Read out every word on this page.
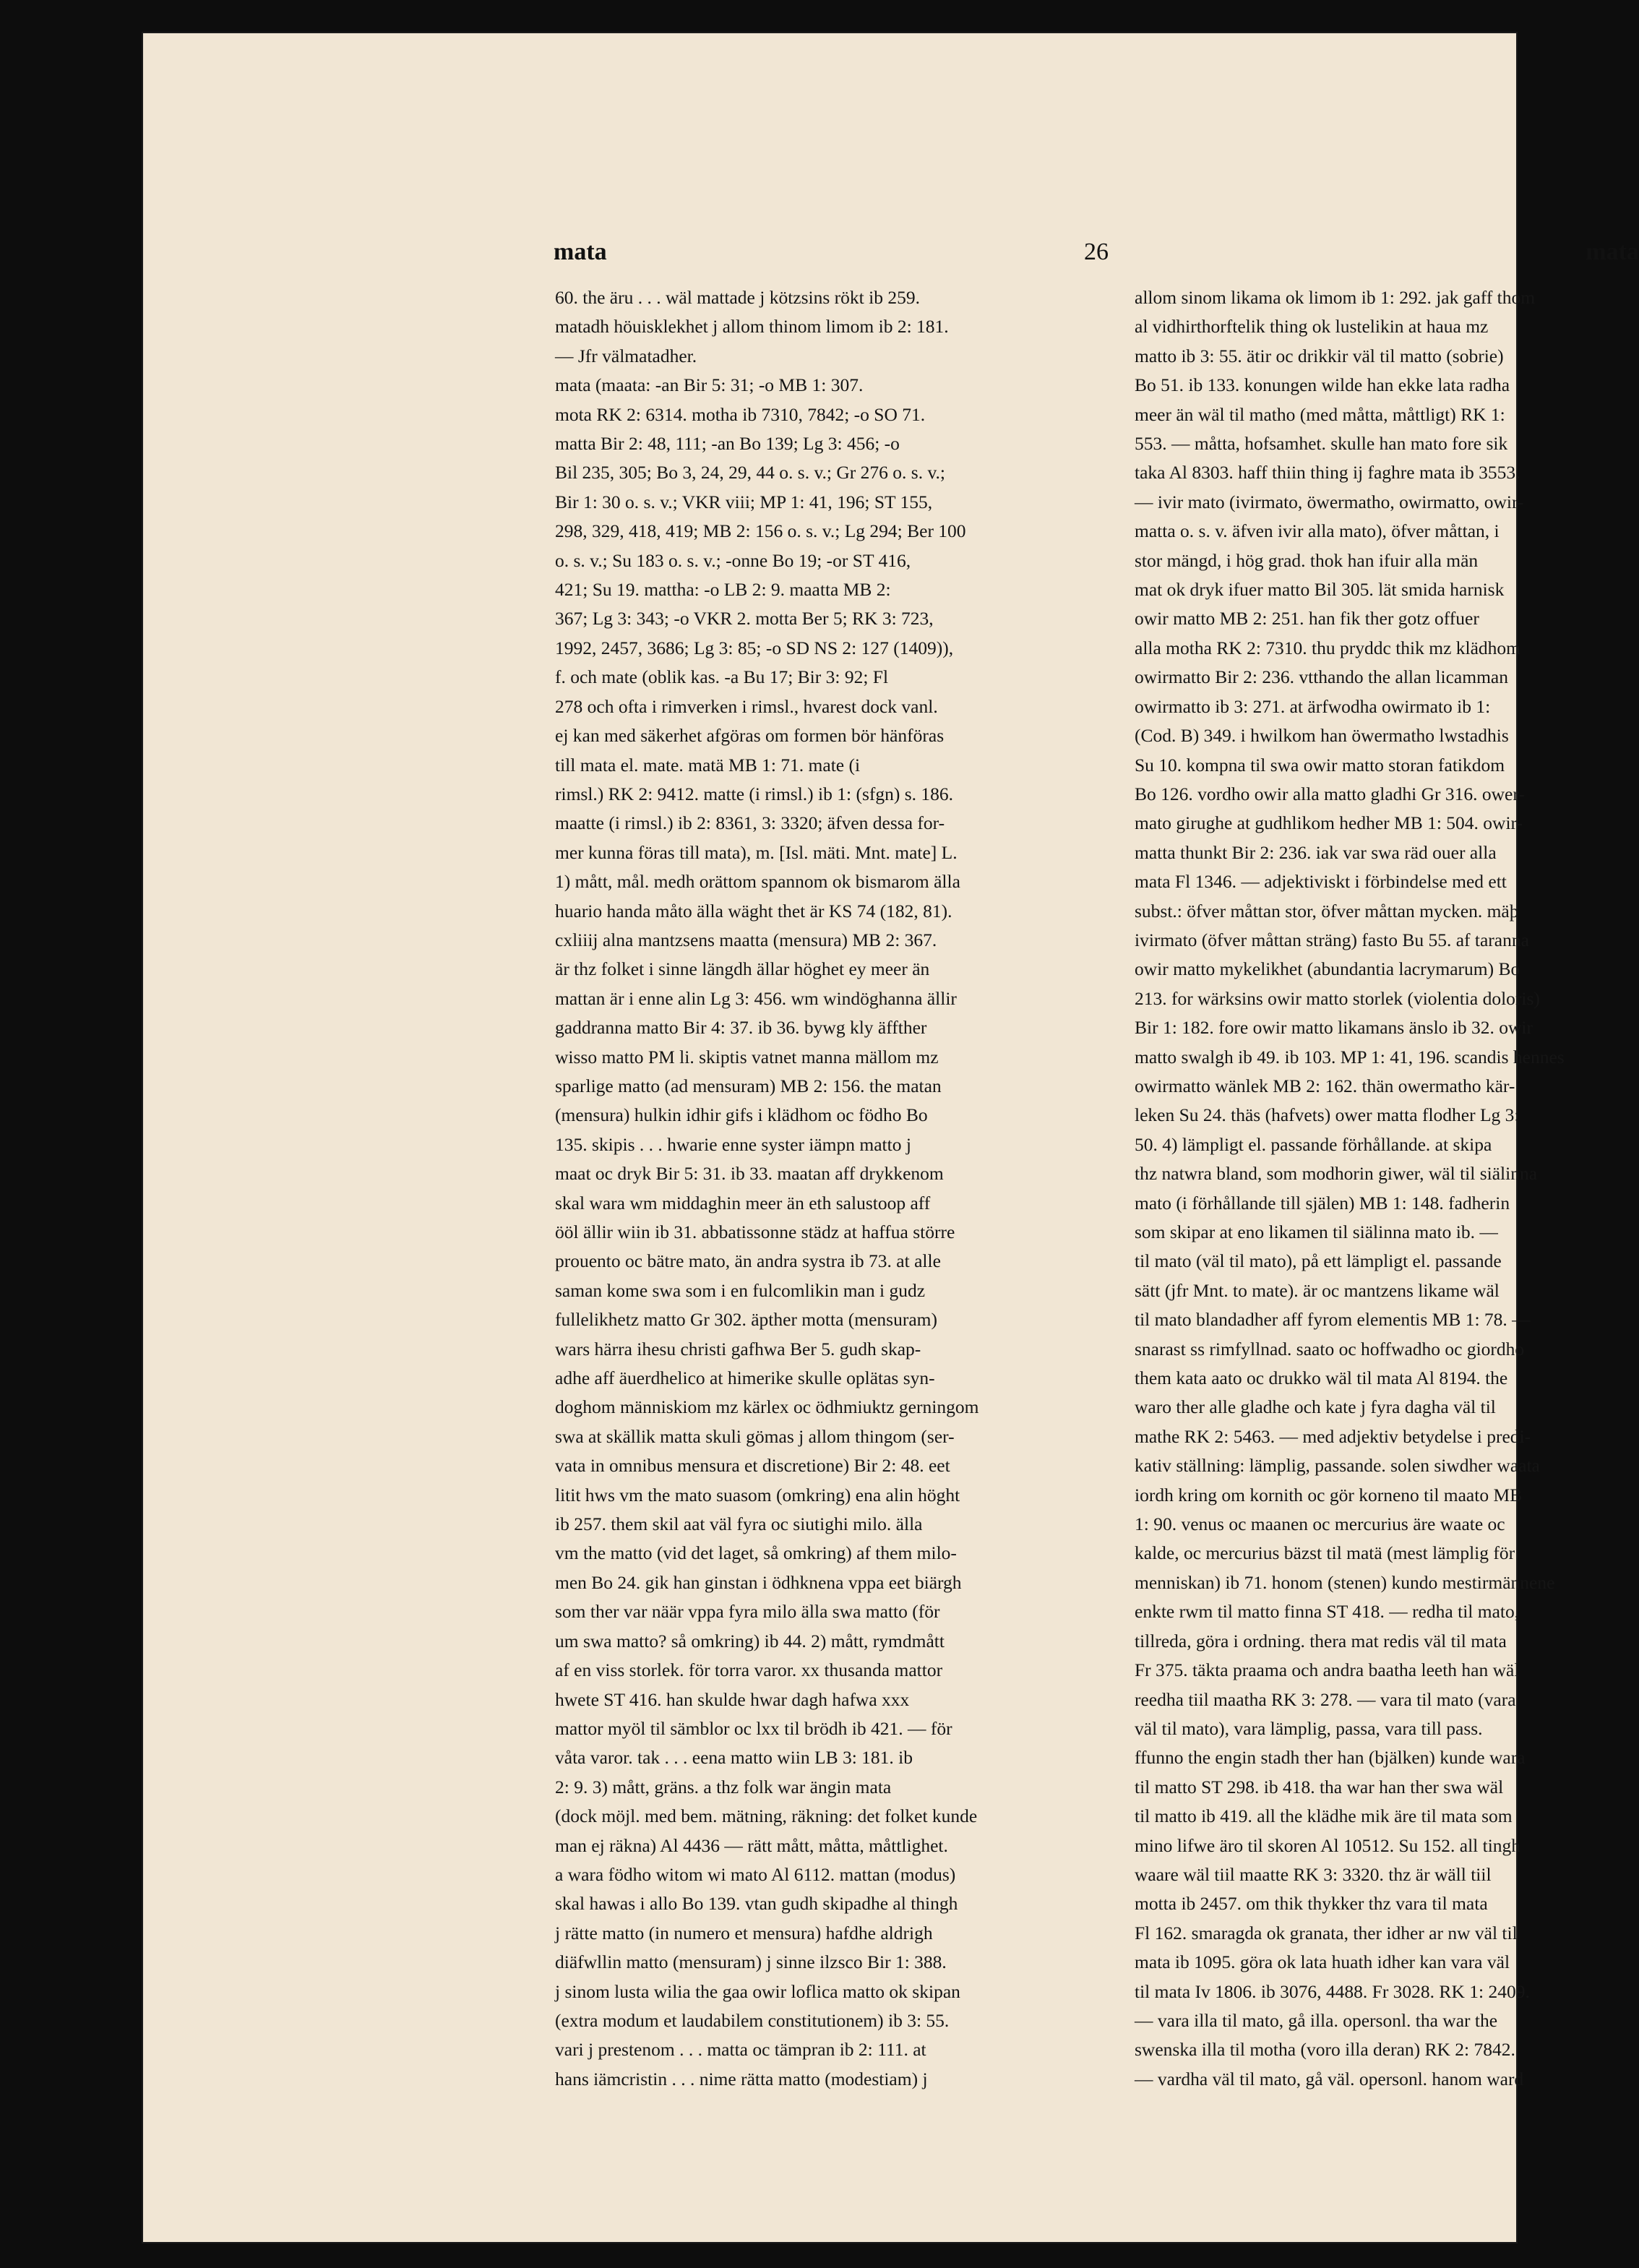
mata	26	mata

60. the äru . . . wäl mattade j kötzsins rökt ib 259.

matadh höuisklekhet j allom thinom limom ib 2: 181.

— Jfr välmatadher.

mata (maata: -an Bir 5: 31; -o MB 1: 307.

mota RK 2: 6314. motha ib 7310, 7842; -o SO 71.

matta Bir 2: 48, 111; -an Bo 139; Lg 3: 456; -o

Bil 235, 305; Bo 3, 24, 29, 44 o. s. v.; Gr 276 o. s. v.;

Bir 1: 30 o. s. v.; VKR viii; MP 1: 41, 196; ST 155,

298, 329, 418, 419; MB 2: 156 o. s. v.; Lg 294; Ber 100

o. s. v.; Su 183 o. s. v.; -onne Bo 19; -or ST 416,

421; Su 19. mattha: -o LB 2: 9. maatta MB 2:

367; Lg 3: 343; -o VKR 2. motta Ber 5; RK 3: 723,

1992, 2457, 3686; Lg 3: 85; -o SD NS 2: 127 (1409)),

f. och mate (oblik kas. -a Bu 17; Bir 3: 92; Fl

278 och ofta i rimverken i rimsl., hvarest dock vanl.

ej kan med säkerhet afgöras om formen bör hänföras

till mata el. mate. matä MB 1: 71. mate (i

rimsl.) RK 2: 9412. matte (i rimsl.) ib 1: (sfgn) s. 186.

maatte (i rimsl.) ib 2: 8361, 3: 3320; äfven dessa for-

mer kunna föras till mata), m. [Isl. mäti. Mnt. mate] L.

1) mått, mål. medh orättom spannom ok bismarom älla

huario handa måto älla wäght thet är KS 74 (182, 81).

cxliiij alna mantzsens maatta (mensura) MB 2: 367.

är thz folket i sinne längdh ällar höghet ey meer än

mattan är i enne alin Lg 3: 456. wm windöghanna ällir

gaddranna matto Bir 4: 37. ib 36. bywg kly äffther

wisso matto PM li. skiptis vatnet manna mällom mz

sparlige matto (ad mensuram) MB 2: 156. the matan

(mensura) hulkin idhir gifs i klädhom oc födho Bo

135. skipis . . . hwarie enne syster iämpn matto j

maat oc dryk Bir 5: 31. ib 33. maatan aff drykkenom

skal wara wm middaghin meer än eth salustoop aff

ööl ällir wiin ib 31. abbatissonne städz at haffua större

prouento oc bätre mato, än andra systra ib 73. at alle

saman kome swa som i en fulcomlikin man i gudz

fullelikhetz matto Gr 302. äpther motta (mensuram)

wars härra ihesu christi gafhwa Ber 5. gudh skap-

adhe aff äuerdhelico at himerike skulle oplätas syn-

doghom människiom mz kärlex oc ödhmiuktz gerningom

swa at skällik matta skuli gömas j allom thingom (ser-

vata in omnibus mensura et discretione) Bir 2: 48. eet

litit hws vm the mato suasom (omkring) ena alin höght

ib 257. them skil aat väl fyra oc siutighi milo. älla

vm the matto (vid det laget, så omkring) af them milo-

men Bo 24. gik han ginstan i ödhknena vppa eet biärgh

som ther var näär vppa fyra milo älla swa matto (för

um swa matto? så omkring) ib 44. 2) mått, rymdmått

af en viss storlek. för torra varor. xx thusanda mattor

hwete ST 416. han skulde hwar dagh hafwa xxx

mattor myöl til sämblor oc lxx til brödh ib 421. — för

våta varor. tak . . . eena matto wiin LB 3: 181. ib

2: 9. 3) mått, gräns. a thz folk war ängin mata

(dock möjl. med bem. mätning, räkning: det folket kunde

man ej räkna) Al 4436 — rätt mått, måtta, måttlighet.

a wara födho witom wi mato Al 6112. mattan (modus)

skal hawas i allo Bo 139. vtan gudh skipadhe al thingh

j rätte matto (in numero et mensura) hafdhe aldrigh

diäfwllin matto (mensuram) j sinne ilzsco Bir 1: 388.

j sinom lusta wilia the gaa owir loflica matto ok skipan

(extra modum et laudabilem constitutionem) ib 3: 55.

vari j prestenom . . . matta oc tämpran ib 2: 111. at

hans iämcristin . . . nime rätta matto (modestiam) j

allom sinom likama ok limom ib 1: 292. jak gaff thom

al vidhirthorftelik thing ok lustelikin at haua mz

matto ib 3: 55. ätir oc drikkir väl til matto (sobrie)

Bo 51. ib 133. konungen wilde han ekke lata radha

meer än wäl til matho (med måtta, måttligt) RK 1:

553. — måtta, hofsamhet. skulle han mato fore sik

taka Al 8303. haff thiin thing ij faghre mata ib 3553.

— ivir mato (ivirmato, öwermatho, owirmatto, owir-

matta o. s. v. äfven ivir alla mato), öfver måttan, i

stor mängd, i hög grad. thok han ifuir alla män

mat ok dryk ifuer matto Bil 305. lät smida harnisk

owir matto MB 2: 251. han fik ther gotz offuer

alla motha RK 2: 7310. thu pryddc thik mz klädhom

owirmatto Bir 2: 236. vtthando the allan licamman

owirmatto ib 3: 271. at ärfwodha owirmato ib 1:

(Cod. B) 349. i hwilkom han öwermatho lwstadhis

Su 10. kompna til swa owir matto storan fatikdom

Bo 126. vordho owir alla matto gladhi Gr 316. ower-

mato girughe at gudhlikom hedher MB 1: 504. owir-

matta thunkt Bir 2: 236. iak var swa räd ouer alla

mata Fl 1346. — adjektiviskt i förbindelse med ett

subst.: öfver måttan stor, öfver måttan mycken. mäþ

ivirmato (öfver måttan sträng) fasto Bu 55. af taranna

owir matto mykelikhet (abundantia lacrymarum) Bo

213. for wärksins owir matto storlek (violentia doloris)

Bir 1: 182. fore owir matto likamans änslo ib 32. owir

matto swalgh ib 49. ib 103. MP 1: 41, 196. scandis hennes

owirmatto wänlek MB 2: 162. thän owermatho kär-

leken Su 24. thäs (hafvets) ower matta flodher Lg 3:

50. 4) lämpligt el. passande förhållande. at skipa

thz natwra bland, som modhorin giwer, wäl til siälinna

mato (i förhållande till själen) MB 1: 148. fadherin

som skipar at eno likamen til siälinna mato ib. —

til mato (väl til mato), på ett lämpligt el. passande

sätt (jfr Mnt. to mate). är oc mantzens likame wäl

til mato blandadher aff fyrom elementis MB 1: 78. —

snarast ss rimfyllnad. saato oc hoffwadho oc giordho

them kata aato oc drukko wäl til mata Al 8194. the

waro ther alle gladhe och kate j fyra dagha väl til

mathe RK 2: 5463. — med adjektiv betydelse i predi-

kativ ställning: lämplig, passande. solen siwdher waata

iordh kring om kornith oc gör korneno til maato MB

1: 90. venus oc maanen oc mercurius äre waate oc

kalde, oc mercurius bäzst til matä (mest lämplig för

menniskan) ib 71. honom (stenen) kundo mestirmännene

enkte rwm til matto finna ST 418. — redha til mato,

tillreda, göra i ordning. thera mat redis väl til mata

Fr 375. täkta praama och andra baatha leeth han wäl

reedha tiil maatha RK 3: 278. — vara til mato (vara

väl til mato), vara lämplig, passa, vara till pass.

ffunno the engin stadh ther han (bjälken) kunde wara

til matto ST 298. ib 418. tha war han ther swa wäl

til matto ib 419. all the klädhe mik äre til mata som

mino lifwe äro til skoren Al 10512. Su 152. all tingh

waare wäl tiil maatte RK 3: 3320. thz är wäll tiil

motta ib 2457. om thik thykker thz vara til mata

Fl 162. smaragda ok granata, ther idher ar nw väl til

mata ib 1095. göra ok lata huath idher kan vara väl

til mata Iv 1806. ib 3076, 4488. Fr 3028. RK 1: 2409.

— vara illa til mato, gå illa. opersonl. tha war the

swenska illa til motha (voro illa deran) RK 2: 7842.

— vardha väl til mato, gå väl. opersonl. hanom ward
